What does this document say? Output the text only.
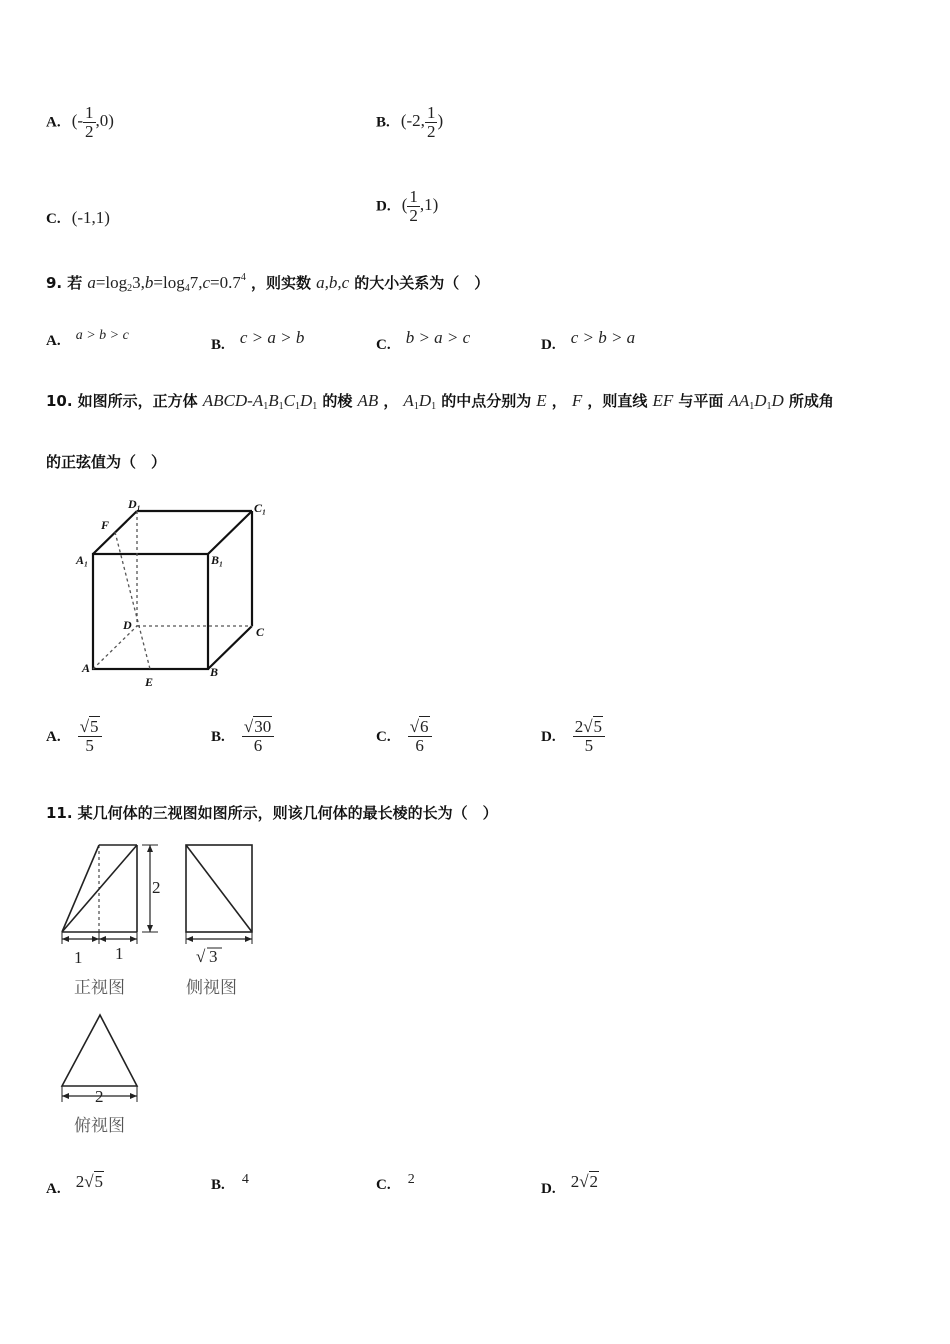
A. (- $\frac{1}{2} ,0$)	B. (-2, $\frac{1}{2}$ )
C. (-1,1)
D. ( $\frac{1}{2} ,1$)
9. 若 $a=\log_23,b=\log_47,c=0.7^4$ ，则实数 a,b,c 的大小关系为（　）
A. a > b > c
B. c > a > b	C. b > a > c	D. c > b > a
10. 如图所示，正方体 ABCD-$A_1B_1C_1D_1$ 的棱 AB ， $A_1D_1$ 的中点分别为 E ， F ，则直线 EF 与平面 $AA_1D_1D$ 所成角
的正弦值为（　）
D₁	C₁
F
A₁	B₁
D	C
A
E
B
A. $\frac{√5}{5}$	B. $\frac{√30}{6}$	C. $\frac{√6}{6}$	D. $\frac{2√5}{5}$
11. 某几何体的三视图如图所示，则该几何体的最长棱的长为（　）
2
1 1	√ 3
2
正视图	侧视图
俯视图
A. 2√5	B. 4	C. 2
D. 2√2
